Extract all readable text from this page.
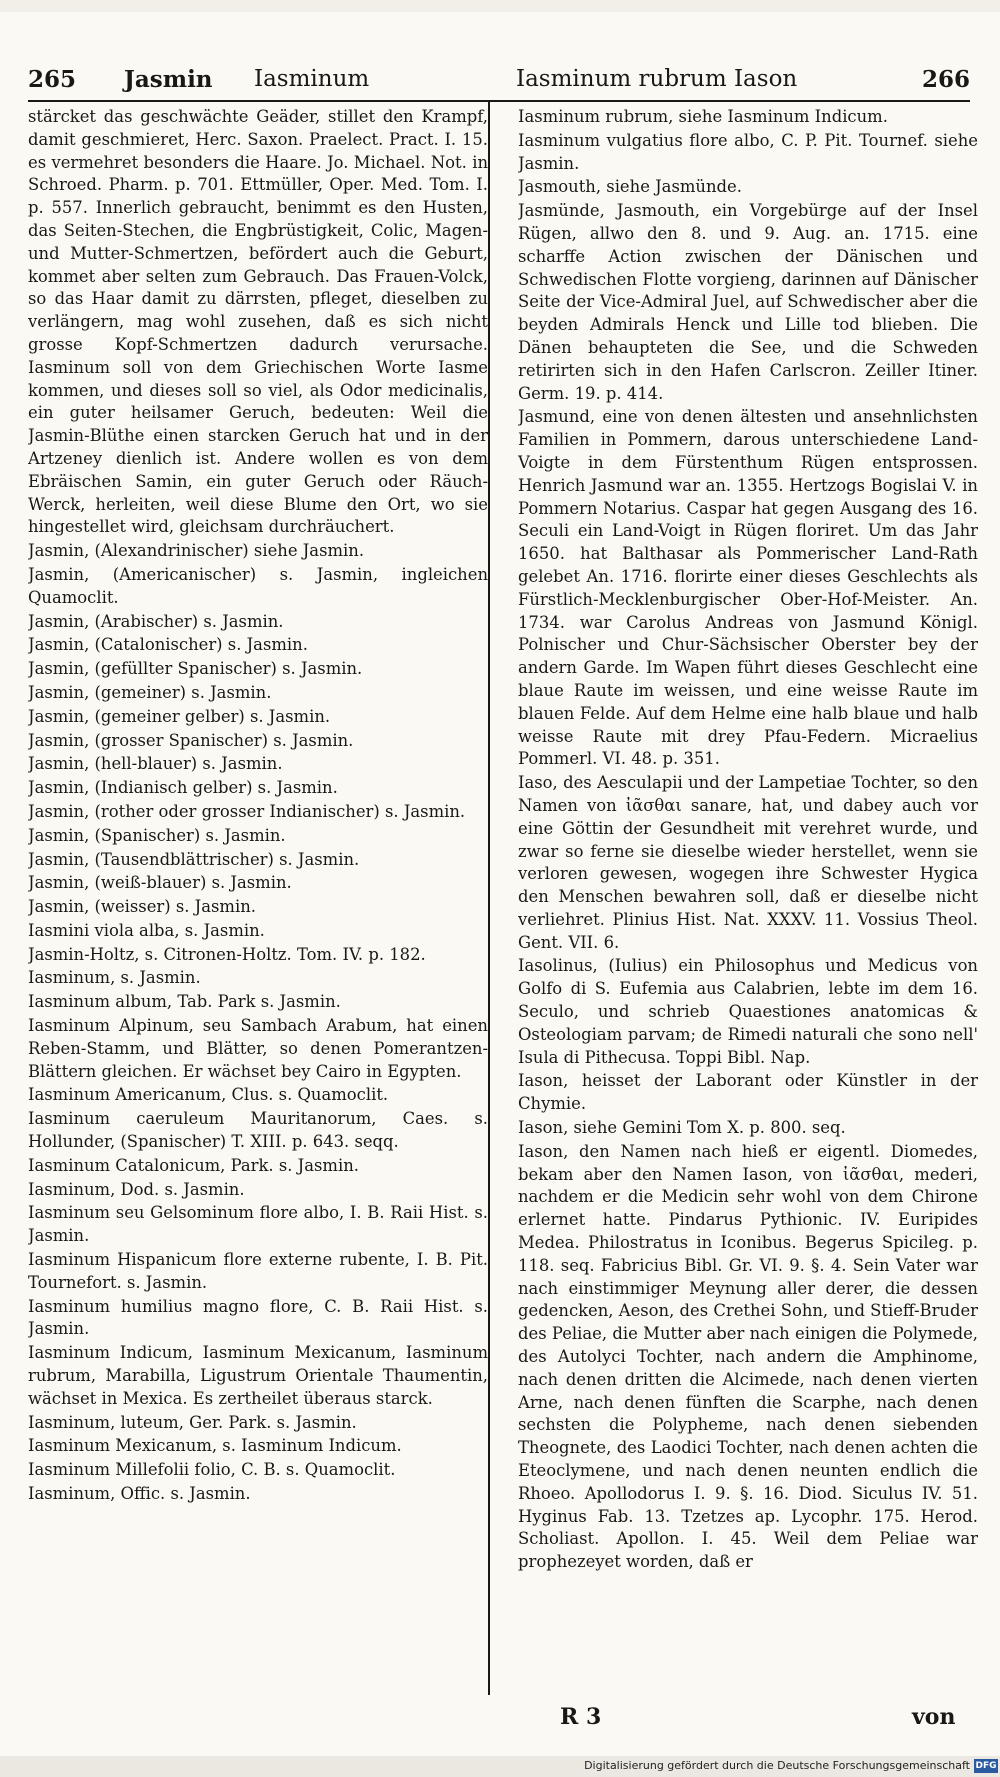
265 Jasmin Iasminum	Iasminum rubrum Iason	266

stärcket das geschwächte Geäder, stillet den Krampf, damit geschmieret, Herc. Saxon. Praelect. Pract. I. 15. es vermehret besonders die Haare. Jo. Michael. Not. in Schroed. Pharm. p. 701. Ettmüller, Oper. Med. Tom. I. p. 557. Innerlich gebraucht, benimmt es den Husten, das Seiten-Stechen, die Engbrüstigkeit, Colic, Magen- und Mutter-Schmertzen, befördert auch die Geburt, kommet aber selten zum Gebrauch. Das Frauen-Volck, so das Haar damit zu därrsten, pfleget, dieselben zu verlängern, mag wohl zusehen, daß es sich nicht grosse Kopf-Schmertzen dadurch verursache. Iasminum soll von dem Griechischen Worte Iasme kommen, und dieses soll so viel, als Odor medicinalis, ein guter heilsamer Geruch, bedeuten: Weil die Jasmin-Blüthe einen starcken Geruch hat und in der Artzeney dienlich ist. Andere wollen es von dem Ebräischen Samin, ein guter Geruch oder Räuch-Werck, herleiten, weil diese Blume den Ort, wo sie hingestellet wird, gleichsam durchräuchert.

Jasmin, (Alexandrinischer) siehe Jasmin.

Jasmin, (Americanischer) s. Jasmin, ingleichen Quamoclit.

Jasmin, (Arabischer) s. Jasmin.

Jasmin, (Catalonischer) s. Jasmin.

Jasmin, (gefüllter Spanischer) s. Jasmin.

Jasmin, (gemeiner) s. Jasmin.

Jasmin, (gemeiner gelber) s. Jasmin.

Jasmin, (grosser Spanischer) s. Jasmin.

Jasmin, (hell-blauer) s. Jasmin.

Jasmin, (Indianisch gelber) s. Jasmin.

Jasmin, (rother oder grosser Indianischer) s. Jasmin.

Jasmin, (Spanischer) s. Jasmin.

Jasmin, (Tausendblättrischer) s. Jasmin.

Jasmin, (weiß-blauer) s. Jasmin.

Jasmin, (weisser) s. Jasmin.

Iasmini viola alba, s. Jasmin.

Jasmin-Holtz, s. Citronen-Holtz. Tom. IV. p. 182.

Iasminum, s. Jasmin.

Iasminum album, Tab. Park s. Jasmin.

Iasminum Alpinum, seu Sambach Arabum, hat einen Reben-Stamm, und Blätter, so denen Pomerantzen-Blättern gleichen. Er wächset bey Cairo in Egypten.

Iasminum Americanum, Clus. s. Quamoclit.

Iasminum caeruleum Mauritanorum, Caes. s. Hollunder, (Spanischer) T. XIII. p. 643. seqq.

Iasminum Catalonicum, Park. s. Jasmin.

Iasminum, Dod. s. Jasmin.

Iasminum seu Gelsominum flore albo, I. B. Raii Hist. s. Jasmin.

Iasminum Hispanicum flore externe rubente, I. B. Pit. Tournefort. s. Jasmin.

Iasminum humilius magno flore, C. B. Raii Hist. s. Jasmin.

Iasminum Indicum, Iasminum Mexicanum, Iasminum rubrum, Marabilla, Ligustrum Orientale Thaumentin, wächset in Mexica. Es zertheilet überaus starck.

Iasminum, luteum, Ger. Park. s. Jasmin.

Iasminum Mexicanum, s. Iasminum Indicum.

Iasminum Millefolii folio, C. B. s. Quamoclit.

Iasminum, Offic. s. Jasmin.

Iasminum rubrum, siehe Iasminum Indicum.

Iasminum vulgatius flore albo, C. P. Pit. Tournef. siehe Jasmin.

Jasmouth, siehe Jasmünde.

Jasmünde, Jasmouth, ein Vorgebürge auf der Insel Rügen, allwo den 8. und 9. Aug. an. 1715. eine scharffe Action zwischen der Dänischen und Schwedischen Flotte vorgieng, darinnen auf Dänischer Seite der Vice-Admiral Juel, auf Schwedischer aber die beyden Admirals Henck und Lille tod blieben. Die Dänen behaupteten die See, und die Schweden retirirten sich in den Hafen Carlscron. Zeiller Itiner. Germ. 19. p. 414.

Jasmund, eine von denen ältesten und ansehnlichsten Familien in Pommern, darous unterschiedene Land-Voigte in dem Fürstenthum Rügen entsprossen. Henrich Jasmund war an. 1355. Hertzogs Bogislai V. in Pommern Notarius. Caspar hat gegen Ausgang des 16. Seculi ein Land-Voigt in Rügen floriret. Um das Jahr 1650. hat Balthasar als Pommerischer Land-Rath gelebet An. 1716. florirte einer dieses Geschlechts als Fürstlich-Mecklenburgischer Ober-Hof-Meister. An. 1734. war Carolus Andreas von Jasmund Königl. Polnischer und Chur-Sächsischer Oberster bey der andern Garde. Im Wapen führt dieses Geschlecht eine blaue Raute im weissen, und eine weisse Raute im blauen Felde. Auf dem Helme eine halb blaue und halb weisse Raute mit drey Pfau-Federn. Micraelius Pommerl. VI. 48. p. 351.

Iaso, des Aesculapii und der Lampetiae Tochter, so den Namen von ἰᾶσθαι sanare, hat, und dabey auch vor eine Göttin der Gesundheit mit verehret wurde, und zwar so ferne sie dieselbe wieder herstellet, wenn sie verloren gewesen, wogegen ihre Schwester Hygica den Menschen bewahren soll, daß er dieselbe nicht verliehret. Plinius Hist. Nat. XXXV. 11. Vossius Theol. Gent. VII. 6.

Iasolinus, (Iulius) ein Philosophus und Medicus von Golfo di S. Eufemia aus Calabrien, lebte im dem 16. Seculo, und schrieb Quaestiones anatomicas & Osteologiam parvam; de Rimedi naturali che sono nell' Isula di Pithecusa. Toppi Bibl. Nap.

Iason, heisset der Laborant oder Künstler in der Chymie.

Iason, siehe Gemini Tom X. p. 800. seq.

Iason, den Namen nach hieß er eigentl. Diomedes, bekam aber den Namen Iason, von ἰᾶσθαι, mederi, nachdem er die Medicin sehr wohl von dem Chirone erlernet hatte. Pindarus Pythionic. IV. Euripides Medea. Philostratus in Iconibus. Begerus Spicileg. p. 118. seq. Fabricius Bibl. Gr. VI. 9. §. 4. Sein Vater war nach einstimmiger Meynung aller derer, die dessen gedencken, Aeson, des Crethei Sohn, und Stieff-Bruder des Peliae, die Mutter aber nach einigen die Polymede, des Autolyci Tochter, nach andern die Amphinome, nach denen dritten die Alcimede, nach denen vierten Arne, nach denen fünften die Scarphe, nach denen sechsten die Polypheme, nach denen siebenden Theognete, des Laodici Tochter, nach denen achten die Eteoclymene, und nach denen neunten endlich die Rhoeo. Apollodorus I. 9. §. 16. Diod. Siculus IV. 51. Hyginus Fab. 13. Tzetzes ap. Lycophr. 175. Herod. Scholiast. Apollon. I. 45. Weil dem Peliae war prophezeyet worden, daß er

R 3	von
Digitalisierung gefördert durch die Deutsche Forschungsgemeinschaft DFG
